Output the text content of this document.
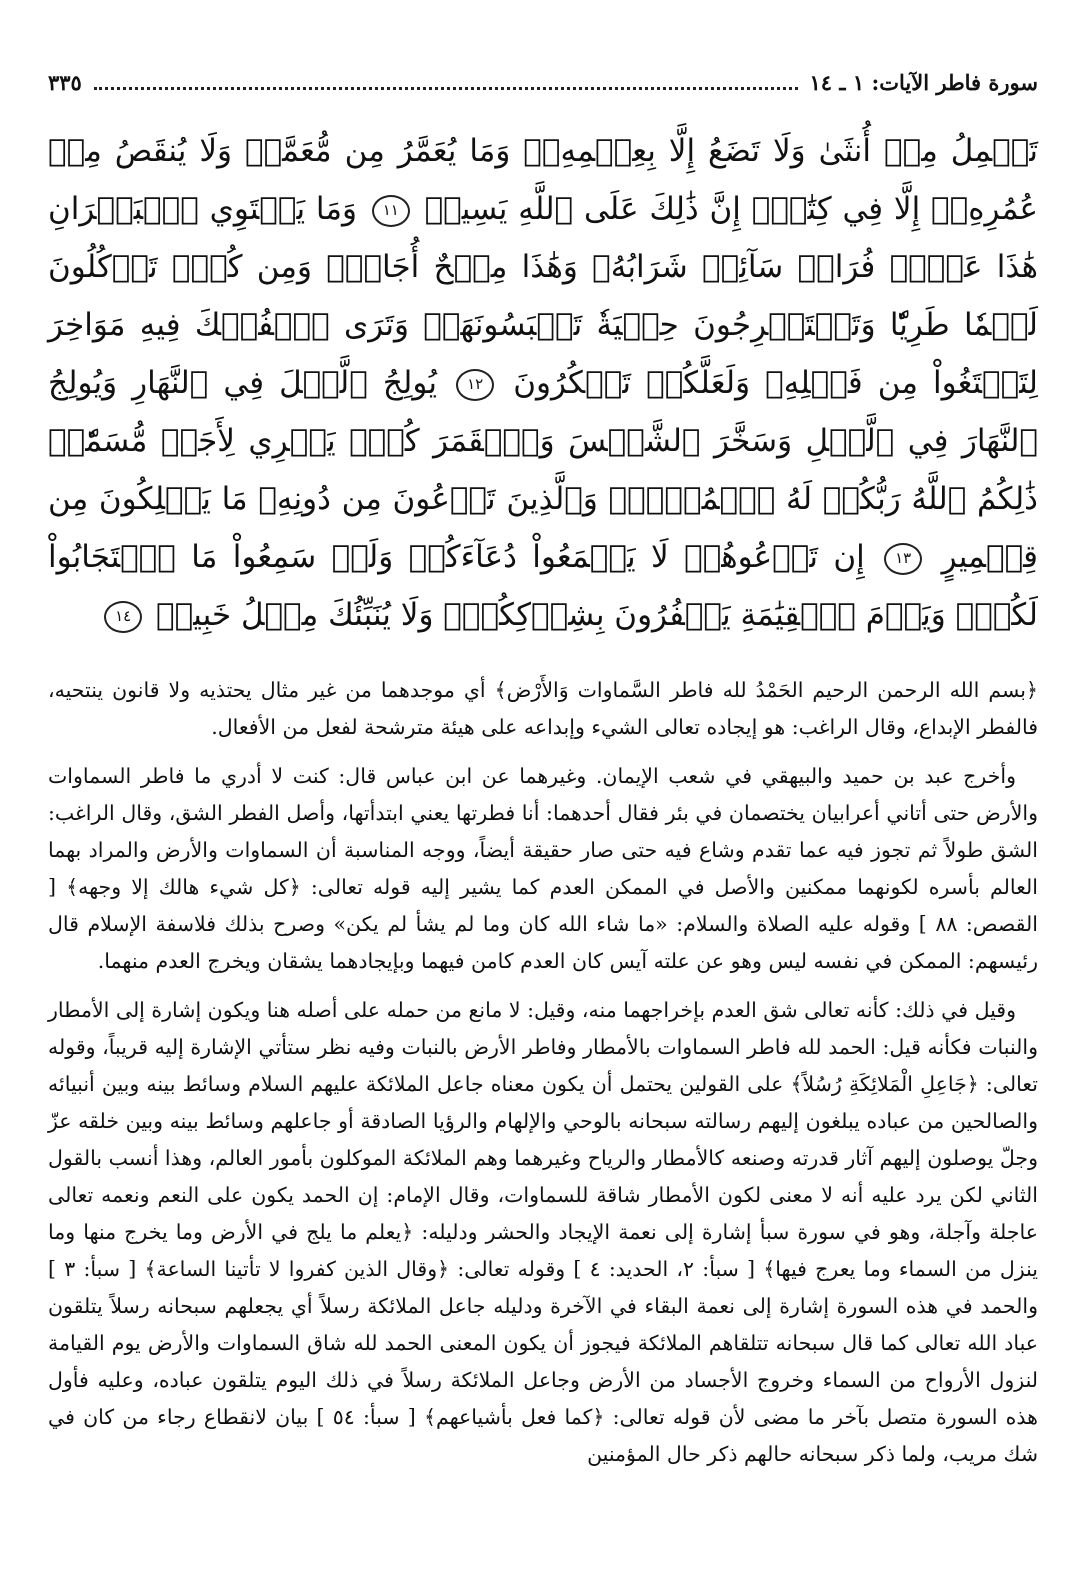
سورة فاطر الآيات: ١ ـ ١٤
٣٣٥
تَحۡمِلُ مِنۡ أُنثَىٰ وَلَا تَضَعُ إِلَّا بِعِلۡمِهِۦۚ وَمَا يُعَمَّرُ مِن مُّعَمَّرٖ وَلَا يُنقَصُ مِنۡ عُمُرِهِۦٓ إِلَّا فِي كِتَٰبٍۚ إِنَّ ذَٰلِكَ عَلَى ٱللَّهِ يَسِيرٞ ١١ وَمَا يَسۡتَوِي ٱلۡبَحۡرَانِ هَٰذَا عَذۡبٞ فُرَاتٞ سَآئِغٞ شَرَابُهُۥ وَهَٰذَا مِلۡحٌ أُجَاجٞۖ وَمِن كُلّٖ تَأۡكُلُونَ لَحۡمٗا طَرِيّٗا وَتَسۡتَخۡرِجُونَ حِلۡيَةٗ تَلۡبَسُونَهَاۖ وَتَرَى ٱلۡفُلۡكَ فِيهِ مَوَاخِرَ لِتَبۡتَغُواْ مِن فَضۡلِهِۦ وَلَعَلَّكُمۡ تَشۡكُرُونَ ١٢ يُولِجُ ٱلَّيۡلَ فِي ٱلنَّهَارِ وَيُولِجُ ٱلنَّهَارَ فِي ٱلَّيۡلِ وَسَخَّرَ ٱلشَّمۡسَ وَٱلۡقَمَرَ كُلّٞ يَجۡرِي لِأَجَلٖ مُّسَمّٗىۚ ذَٰلِكُمُ ٱللَّهُ رَبُّكُمۡ لَهُ ٱلۡمُلۡكُۚ وَٱلَّذِينَ تَدۡعُونَ مِن دُونِهِۦ مَا يَمۡلِكُونَ مِن قِطۡمِيرٍ ١٣ إِن تَدۡعُوهُمۡ لَا يَسۡمَعُواْ دُعَآءَكُمۡ وَلَوۡ سَمِعُواْ مَا ٱسۡتَجَابُواْ لَكُمۡۖ وَيَوۡمَ ٱلۡقِيَٰمَةِ يَكۡفُرُونَ بِشِرۡكِكُمۡۚ وَلَا يُنَبِّئُكَ مِثۡلُ خَبِيرٖ ١٤

﴿بسم الله الرحمن الرحيم الحَمْدُ لله فاطر السَّماوات وَالأَرْض﴾ أي موجدهما من غير مثال يحتذيه ولا قانون ينتحيه، فالفطر الإبداع، وقال الراغب: هو إيجاده تعالى الشيء وإبداعه على هيئة مترشحة لفعل من الأفعال.

وأخرج عبد بن حميد والبيهقي في شعب الإيمان. وغيرهما عن ابن عباس قال: كنت لا أدري ما فاطر السماوات والأرض حتى أتاني أعرابيان يختصمان في بئر فقال أحدهما: أنا فطرتها يعني ابتدأتها، وأصل الفطر الشق، وقال الراغب: الشق طولاً ثم تجوز فيه عما تقدم وشاع فيه حتى صار حقيقة أيضاً، ووجه المناسبة أن السماوات والأرض والمراد بهما العالم بأسره لكونهما ممكنين والأصل في الممكن العدم كما يشير إليه قوله تعالى: ﴿كل شيء هالك إلا وجهه﴾ [ القصص: ٨٨ ] وقوله عليه الصلاة والسلام: «ما شاء الله كان وما لم يشأ لم يكن» وصرح بذلك فلاسفة الإسلام قال رئيسهم: الممكن في نفسه ليس وهو عن علته آيس كان العدم كامن فيهما وبإيجادهما يشقان ويخرج العدم منهما.

وقيل في ذلك: كأنه تعالى شق العدم بإخراجهما منه، وقيل: لا مانع من حمله على أصله هنا ويكون إشارة إلى الأمطار والنبات فكأنه قيل: الحمد لله فاطر السماوات بالأمطار وفاطر الأرض بالنبات وفيه نظر ستأتي الإشارة إليه قريباً، وقوله تعالى: ﴿جَاعِلِ الْمَلائِكَةِ رُسُلاً﴾ على القولين يحتمل أن يكون معناه جاعل الملائكة عليهم السلام وسائط بينه وبين أنبيائه والصالحين من عباده يبلغون إليهم رسالته سبحانه بالوحي والإلهام والرؤيا الصادقة أو جاعلهم وسائط بينه وبين خلقه عزّ وجلّ يوصلون إليهم آثار قدرته وصنعه كالأمطار والرياح وغيرهما وهم الملائكة الموكلون بأمور العالم، وهذا أنسب بالقول الثاني لكن يرد عليه أنه لا معنى لكون الأمطار شاقة للسماوات، وقال الإمام: إن الحمد يكون على النعم ونعمه تعالى عاجلة وآجلة، وهو في سورة سبأ إشارة إلى نعمة الإيجاد والحشر ودليله: ﴿يعلم ما يلج في الأرض وما يخرج منها وما ينزل من السماء وما يعرج فيها﴾ [ سبأ: ٢، الحديد: ٤ ] وقوله تعالى: ﴿وقال الذين كفروا لا تأتينا الساعة﴾ [ سبأ: ٣ ] والحمد في هذه السورة إشارة إلى نعمة البقاء في الآخرة ودليله جاعل الملائكة رسلاً أي يجعلهم سبحانه رسلاً يتلقون عباد الله تعالى كما قال سبحانه تتلقاهم الملائكة فيجوز أن يكون المعنى الحمد لله شاق السماوات والأرض يوم القيامة لنزول الأرواح من السماء وخروج الأجساد من الأرض وجاعل الملائكة رسلاً في ذلك اليوم يتلقون عباده، وعليه فأول هذه السورة متصل بآخر ما مضى لأن قوله تعالى: ﴿كما فعل بأشياعهم﴾ [ سبأ: ٥٤ ] بيان لانقطاع رجاء من كان في شك مريب، ولما ذكر سبحانه حالهم ذكر حال المؤمنين
